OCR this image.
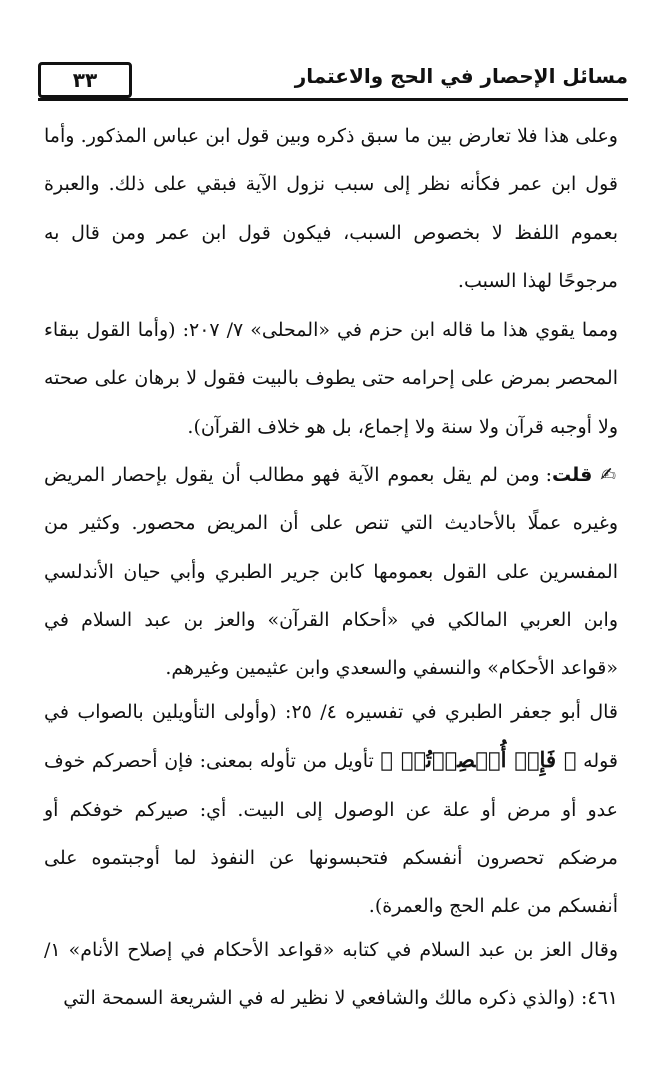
٣٣	مسائل الإحصار في الحج والاعتمار

وعلى هذا فلا تعارض بين ما سبق ذكره وبين قول ابن عباس المذكور. وأما قول ابن عمر فكأنه نظر إلى سبب نزول الآية فبقي على ذلك. والعبرة بعموم اللفظ لا بخصوص السبب، فيكون قول ابن عمر ومن قال به مرجوحًا لهذا السبب.

ومما يقوي هذا ما قاله ابن حزم في «المحلى» ٧/ ٢٠٧: (وأما القول ببقاء المحصر بمرض على إحرامه حتى يطوف بالبيت فقول لا برهان على صحته ولا أوجبه قرآن ولا سنة ولا إجماع، بل هو خلاف القرآن).

✍ قلت: ومن لم يقل بعموم الآية فهو مطالب أن يقول بإحصار المريض وغيره عملًا بالأحاديث التي تنص على أن المريض محصور. وكثير من المفسرين على القول بعمومها كابن جرير الطبري وأبي حيان الأندلسي وابن العربي المالكي في «أحكام القرآن» والعز بن عبد السلام في «قواعد الأحكام» والنسفي والسعدي وابن عثيمين وغيرهم.

قال أبو جعفر الطبري في تفسيره ٤/ ٢٥: (وأولى التأويلين بالصواب في قوله ﴿ فَإِنۡ أُحۡصِرۡتُمۡ ﴾ تأويل من تأوله بمعنى: فإن أحصركم خوف عدو أو مرض أو علة عن الوصول إلى البيت. أي: صيركم خوفكم أو مرضكم تحصرون أنفسكم فتحبسونها عن النفوذ لما أوجبتموه على أنفسكم من علم الحج والعمرة).

وقال العز بن عبد السلام في كتابه «قواعد الأحكام في إصلاح الأنام» ١/ ٤٦١: (والذي ذكره مالك والشافعي لا نظير له في الشريعة السمحة التي
